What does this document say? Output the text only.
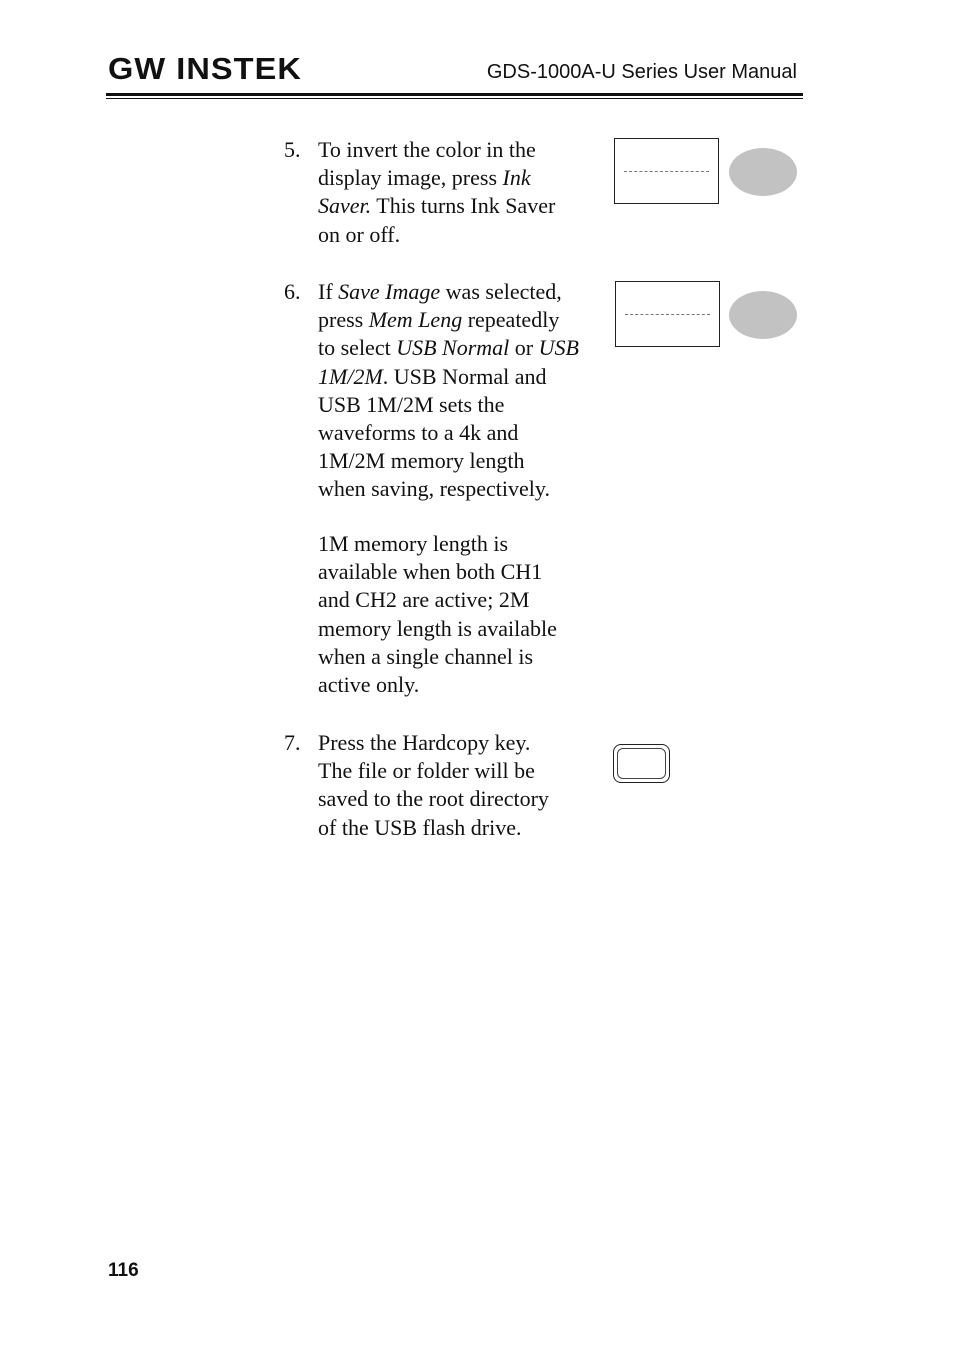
GW INSTEK	GDS-1000A-U Series User Manual
5. To invert the color in the
display image, press Ink
Saver. This turns Ink Saver
on or off.
6. If Save Image was selected,
press Mem Leng repeatedly
to select USB Normal or USB
1M/2M. USB Normal and
USB 1M/2M sets the
waveforms to a 4k and
1M/2M memory length
when saving, respectively.
1M memory length is
available when both CH1
and CH2 are active; 2M
memory length is available
when a single channel is
active only.
7. Press the Hardcopy key.
The file or folder will be
saved to the root directory
of the USB flash drive.
116
